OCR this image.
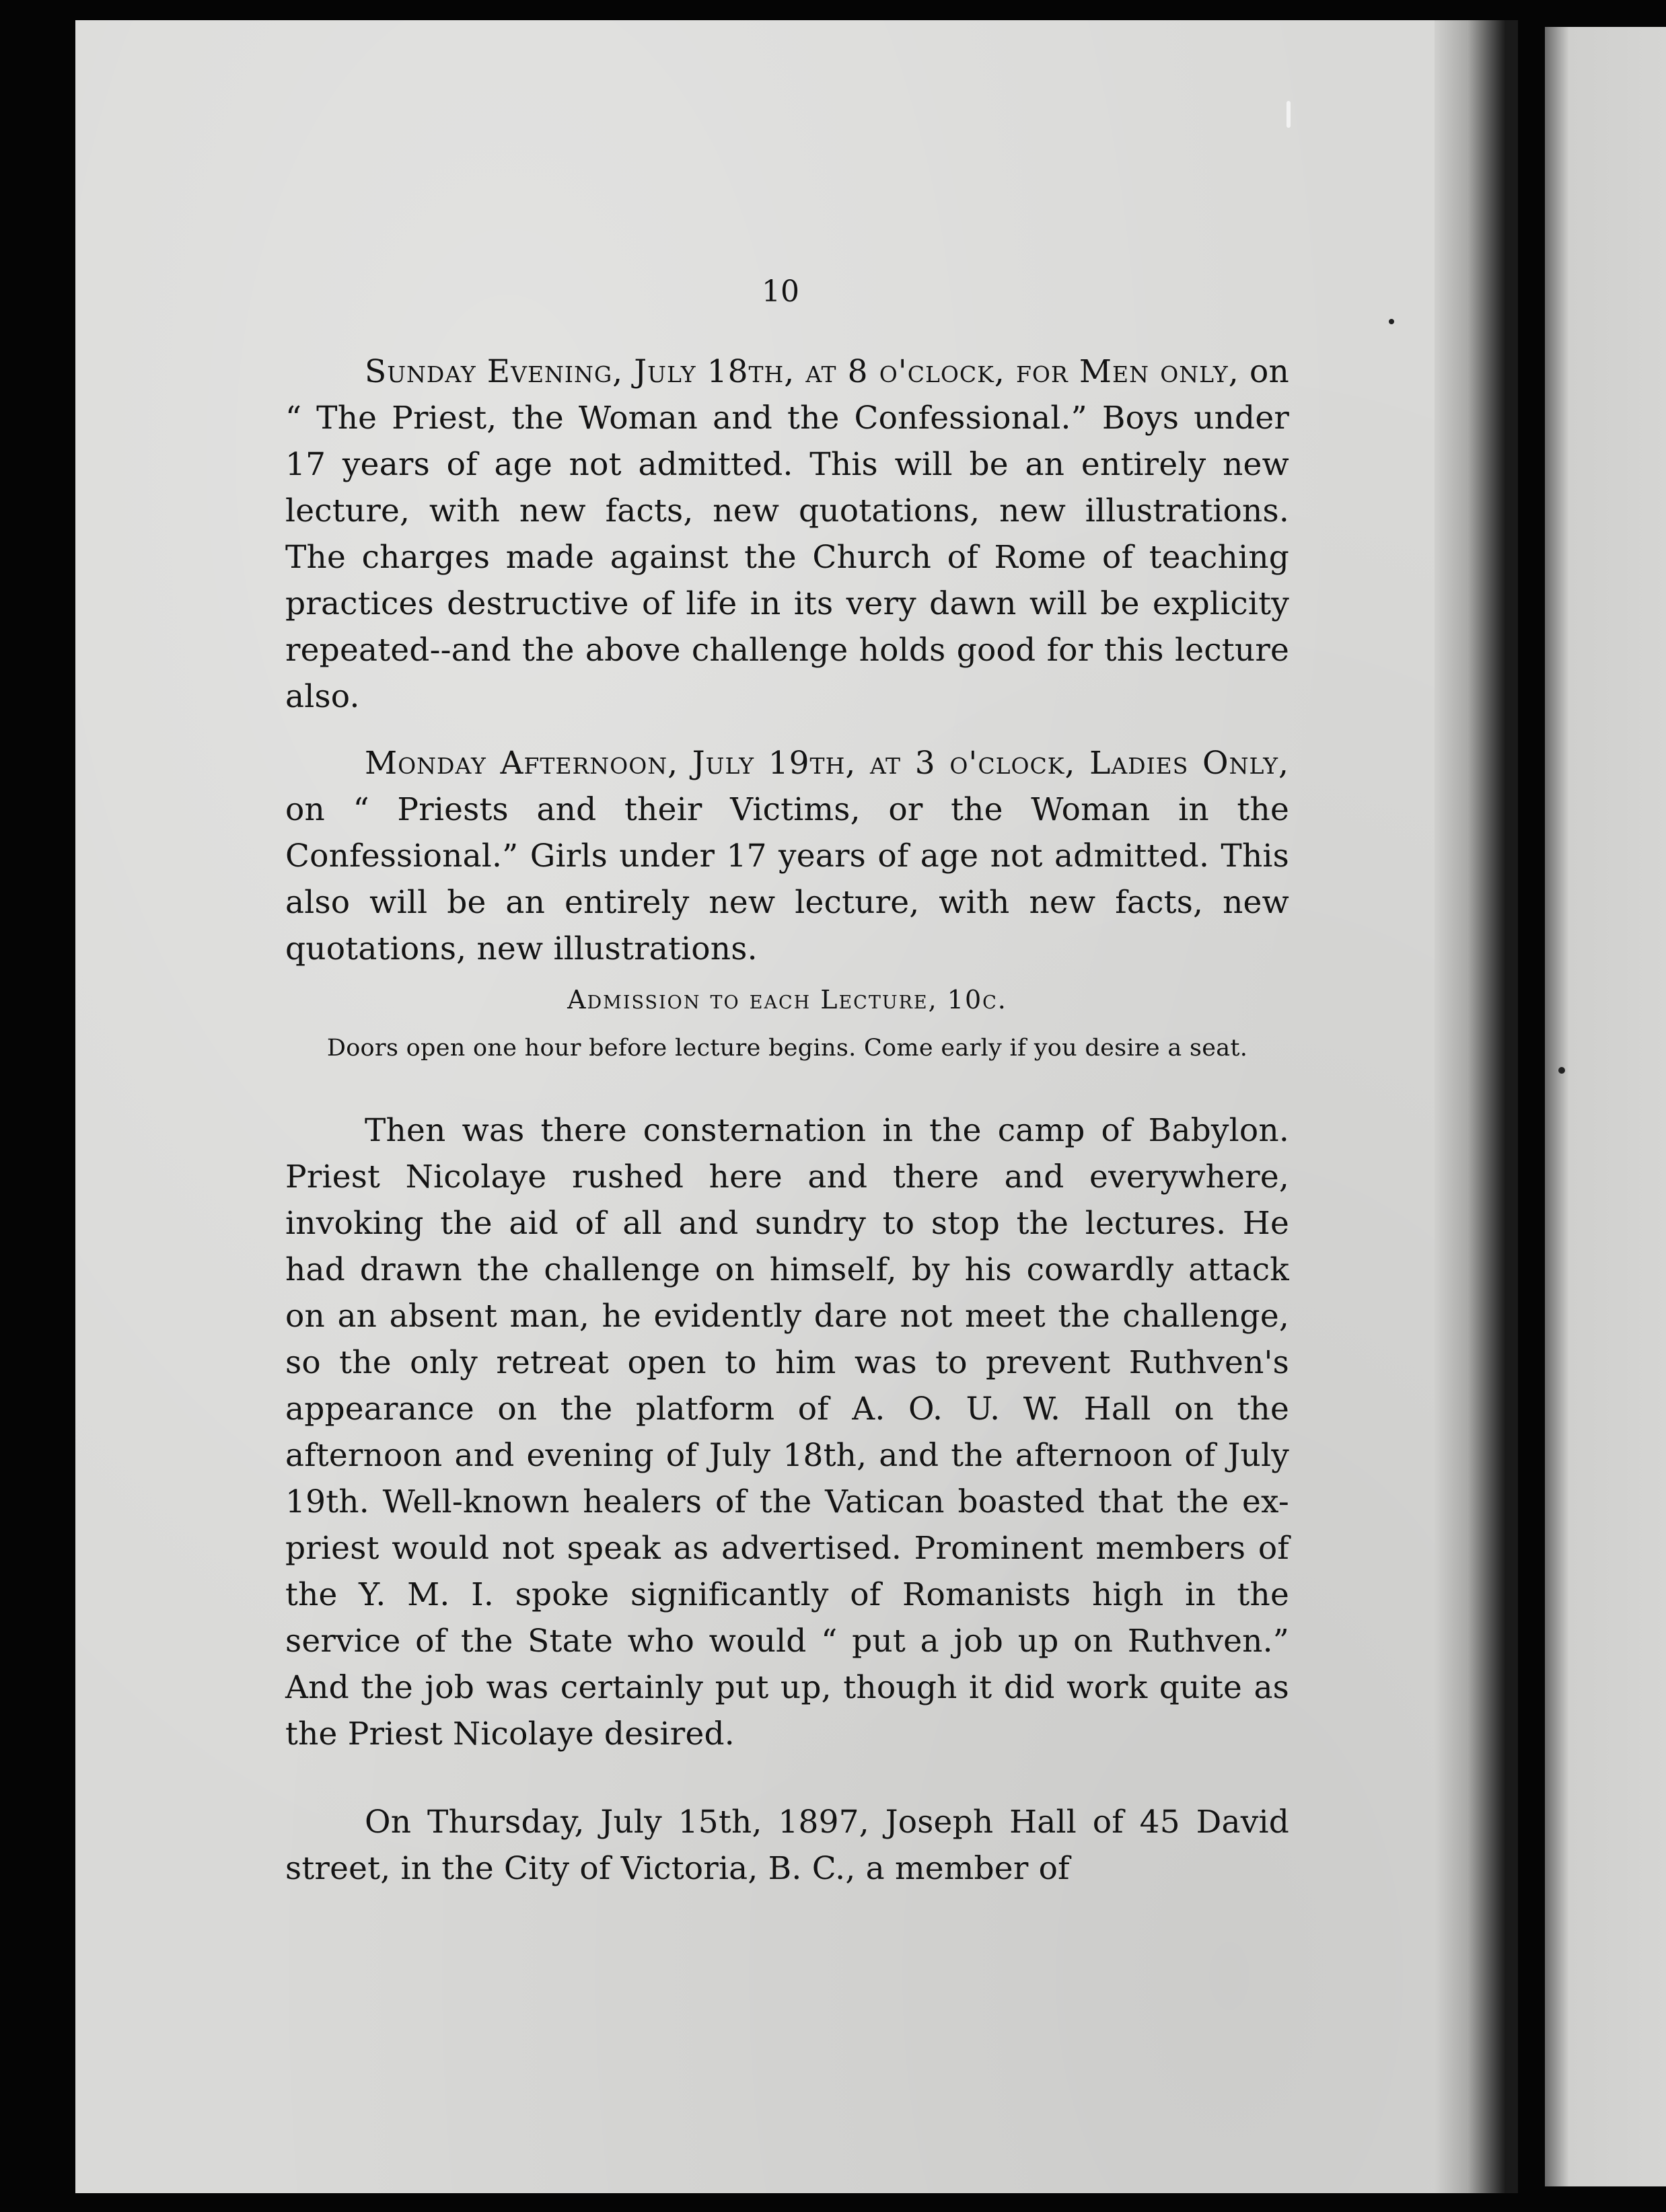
10

Sunday Evening, July 18th, at 8 o'clock, for Men only, on “ The Priest, the Woman and the Confessional.” Boys under 17 years of age not admitted. This will be an entirely new lecture, with new facts, new quotations, new illustrations. The charges made against the Church of Rome of teaching practices destructive of life in its very dawn will be explicity repeated--and the above challenge holds good for this lecture also.

Monday Afternoon, July 19th, at 3 o'clock, Ladies Only, on “ Priests and their Victims, or the Woman in the Confessional.” Girls under 17 years of age not admitted. This also will be an entirely new lecture, with new facts, new quotations, new illustrations.

Admission to each Lecture, 10c.
Doors open one hour before lecture begins. Come early if you desire a seat.

Then was there consternation in the camp of Babylon. Priest Nicolaye rushed here and there and everywhere, invoking the aid of all and sundry to stop the lectures. He had drawn the challenge on himself, by his cowardly attack on an absent man, he evidently dare not meet the challenge, so the only retreat open to him was to prevent Ruthven's appearance on the platform of A. O. U. W. Hall on the afternoon and evening of July 18th, and the afternoon of July 19th. Well-known healers of the Vatican boasted that the ex-priest would not speak as advertised. Prominent members of the Y. M. I. spoke significantly of Romanists high in the service of the State who would “ put a job up on Ruthven.” And the job was certainly put up, though it did work quite as the Priest Nicolaye desired.

On Thursday, July 15th, 1897, Joseph Hall of 45 David street, in the City of Victoria, B. C., a member of
